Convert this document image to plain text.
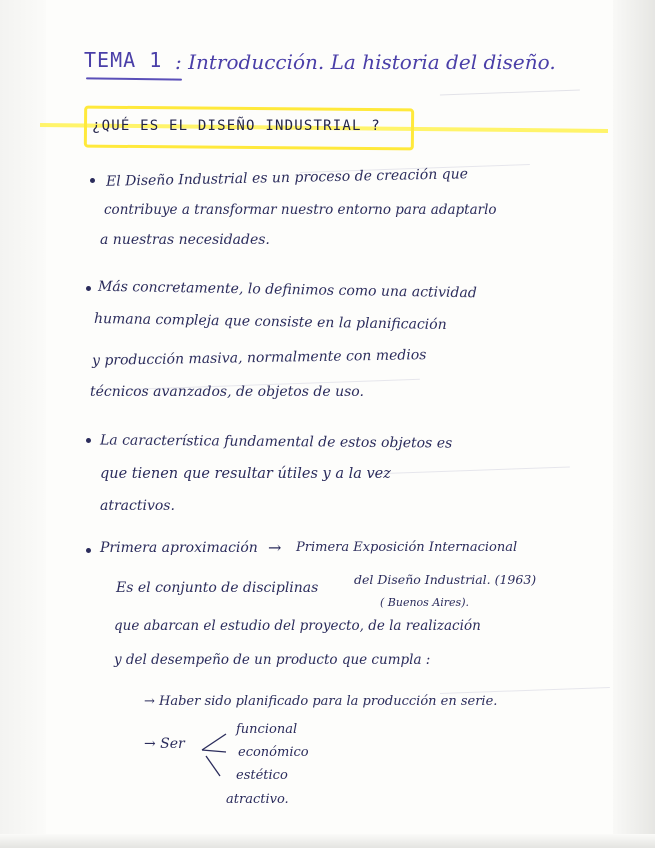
TEMA 1 : Introducción. La historia del diseño.
¿QUÉ ES EL DISEÑO INDUSTRIAL ?
El Diseño Industrial es un proceso de creación que
contribuye a transformar nuestro entorno para adaptarlo
a nuestras necesidades.
Más concretamente, lo definimos como una actividad
humana compleja que consiste en la planificación
y producción masiva, normalmente con medios
técnicos avanzados, de objetos de uso.
La característica fundamental de estos objetos es
que tienen que resultar útiles y a la vez
atractivos.
Primera aproximación → Primera Exposición Internacional
del Diseño Industrial. (1963)
( Buenos Aires).
Es el conjunto de disciplinas
que abarcan el estudio del proyecto, de la realización
y del desempeño de un producto que cumpla :
→ Haber sido planificado para la producción en serie.
→ Ser
funcional
económico
estético
atractivo.
